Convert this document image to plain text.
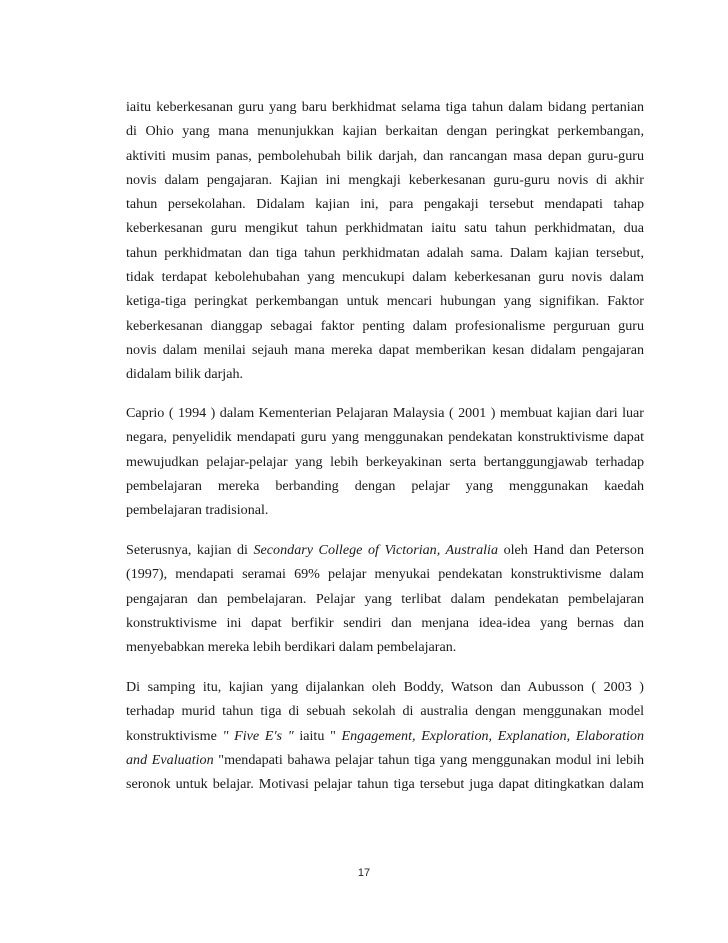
iaitu keberkesanan guru yang baru berkhidmat selama tiga tahun dalam bidang pertanian
di Ohio yang mana menunjukkan kajian berkaitan dengan peringkat perkembangan,
aktiviti musim panas, pembolehubah bilik darjah, dan rancangan masa depan guru-guru
novis dalam pengajaran. Kajian ini mengkaji keberkesanan guru-guru novis di akhir
tahun persekolahan. Didalam kajian ini, para pengakaji tersebut mendapati tahap
keberkesanan guru mengikut tahun perkhidmatan iaitu satu tahun perkhidmatan, dua
tahun perkhidmatan dan tiga tahun perkhidmatan adalah sama. Dalam kajian tersebut,
tidak terdapat kebolehubahan yang mencukupi dalam keberkesanan guru novis dalam
ketiga-tiga peringkat perkembangan untuk mencari hubungan yang signifikan. Faktor
keberkesanan dianggap sebagai faktor penting dalam profesionalisme perguruan guru
novis dalam menilai sejauh mana mereka dapat memberikan kesan didalam pengajaran
didalam bilik darjah.
Caprio ( 1994 ) dalam Kementerian Pelajaran Malaysia ( 2001 ) membuat kajian dari luar
negara, penyelidik mendapati guru yang menggunakan pendekatan konstruktivisme dapat
mewujudkan pelajar-pelajar yang lebih berkeyakinan serta bertanggungjawab terhadap
pembelajaran mereka berbanding dengan pelajar yang menggunakan kaedah
pembelajaran tradisional.
Seterusnya, kajian di Secondary College of Victorian, Australia oleh Hand dan Peterson
(1997), mendapati seramai 69% pelajar menyukai pendekatan konstruktivisme dalam
pengajaran dan pembelajaran. Pelajar yang terlibat dalam pendekatan pembelajaran
konstruktivisme ini dapat berfikir sendiri dan menjana idea-idea yang bernas dan
menyebabkan mereka lebih berdikari dalam pembelajaran.
Di samping itu, kajian yang dijalankan oleh Boddy, Watson dan Aubusson ( 2003 )
terhadap murid tahun tiga di sebuah sekolah di australia dengan menggunakan model
konstruktivisme " Five E's " iaitu " Engagement, Exploration, Explanation, Elaboration
and Evaluation "mendapati bahawa pelajar tahun tiga yang menggunakan modul ini lebih
seronok untuk belajar. Motivasi pelajar tahun tiga tersebut juga dapat ditingkatkan dalam
17
